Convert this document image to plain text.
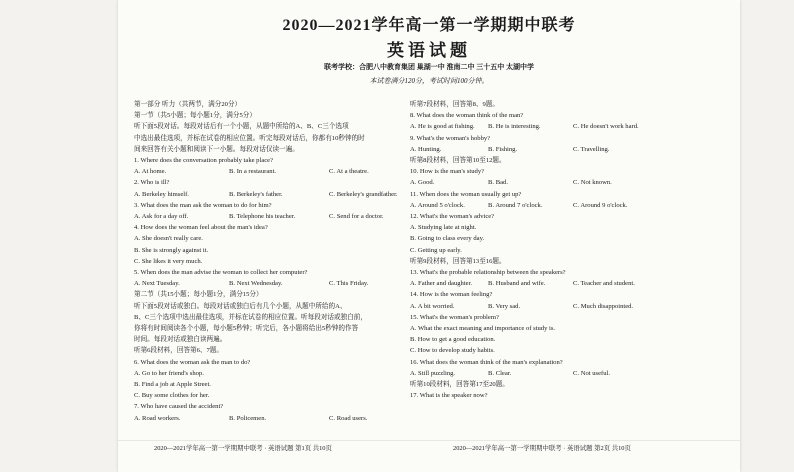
2020—2021学年高一第一学期期中联考
英语试题
联考学校：合肥八中教育集团 巢湖一中 淮南二中 三十五中 太湖中学
本试卷满分120分，考试时间100分钟。
第一部分 听力（共两节，满分20分）
第一节（共5小题；每小题1分，满分5分）
听下面5段对话。每段对话后有一个小题，从题中所给的A、B、C三个选项
中选出最佳选项，并标在试卷的相应位置。听完每段对话后，你都有10秒钟的时
间来回答有关小题和阅读下一小题。每段对话仅读一遍。
1. Where does the conversation probably take place?
A. At home.	B. In a restaurant.	C. At a theatre.
2. Who is ill?
A. Berkeley himself.	B. Berkeley's father.	C. Berkeley's grandfather.
3. What does the man ask the woman to do for him?
A. Ask for a day off.	B. Telephone his teacher.	C. Send for a doctor.
4. How does the woman feel about the man's idea?
A. She doesn't really care.
B. She is strongly against it.
C. She likes it very much.
5. When does the man advise the woman to collect her computer?
A. Next Tuesday.	B. Next Wednesday.	C. This Friday.
第二节（共15小题；每小题1分，满分15分）
听下面5段对话或独白。每段对话或独白后有几个小题，从题中所给的A、
B、C三个选项中选出最佳选项，并标在试卷的相应位置。听每段对话或独白前，
你将有时间阅读各个小题，每小题5秒钟；听完后，各小题将给出5秒钟的作答
时间。每段对话或独白读两遍。
听第6段材料，回答第6、7题。
6. What does the woman ask the man to do?
A. Go to her friend's shop.
B. Find a job at Apple Street.
C. Buy some clothes for her.
7. Who have caused the accident?
A. Road workers.	B. Policemen.	C. Road users.
听第7段材料，回答第8、9题。
8. What does the woman think of the man?
A. He is good at fishing.	B. He is interesting.	C. He doesn't work hard.
9. What's the woman's hobby?
A. Hunting.	B. Fishing.	C. Travelling.
听第8段材料，回答第10至12题。
10. How is the man's study?
A. Good.	B. Bad.	C. Not known.
11. When does the woman usually get up?
A. Around 5 o'clock.	B. Around 7 o'clock.	C. Around 9 o'clock.
12. What's the woman's advice?
A. Studying late at night.
B. Going to class every day.
C. Getting up early.
听第9段材料，回答第13至16题。
13. What's the probable relationship between the speakers?
A. Father and daughter.	B. Husband and wife.	C. Teacher and student.
14. How is the woman feeling?
A. A bit worried.	B. Very sad.	C. Much disappointed.
15. What's the woman's problem?
A. What the exact meaning and importance of study is.
B. How to get a good education.
C. How to develop study habits.
16. What does the woman think of the man's explanation?
A. Still puzzling.	B. Clear.	C. Not useful.
听第10段材料，回答第17至20题。
17. What is the speaker now?
2020—2021学年高一第一学期期中联考 · 英语试题 第1页 共10页	2020—2021学年高一第一学期期中联考 · 英语试题 第2页 共10页
